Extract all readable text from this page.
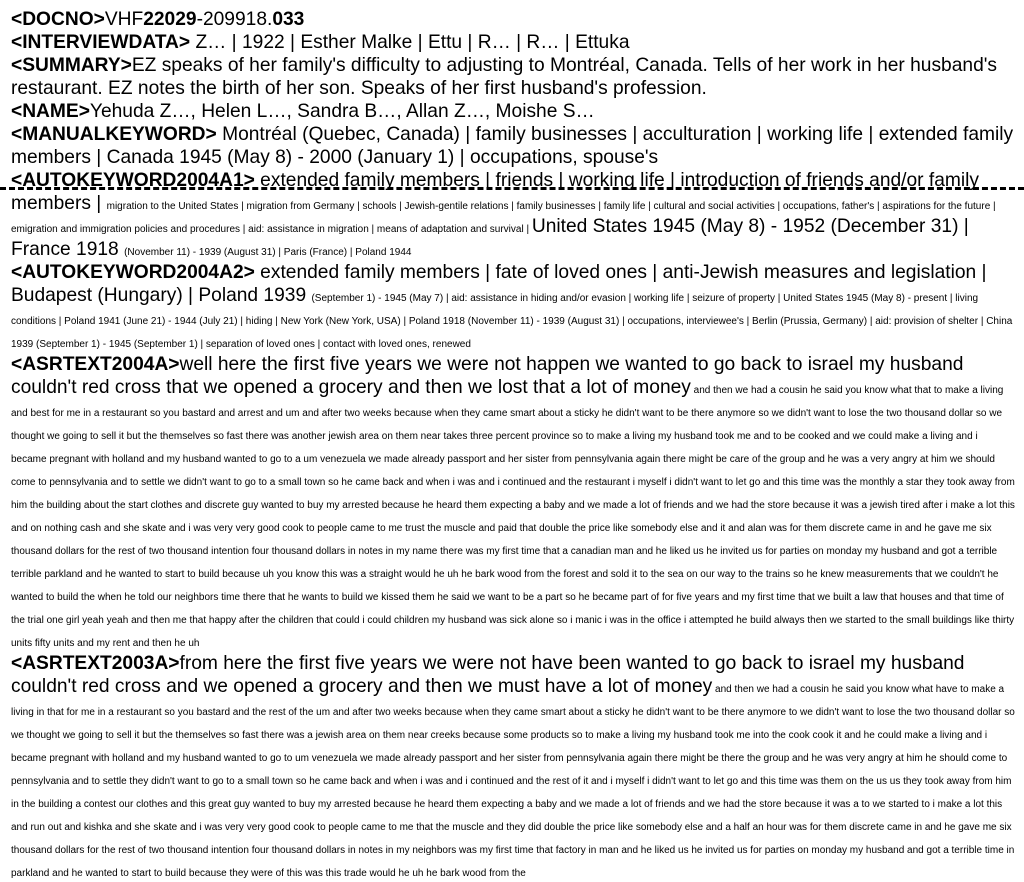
<DOCNO>VHF22029-209918.033
<INTERVIEWDATA> Z… | 1922 | Esther Malke | Ettu | R… | R… | Ettuka
<SUMMARY>EZ speaks of her family's difficulty to adjusting to Montréal, Canada. Tells of her work in her husband's restaurant. EZ notes the birth of her son. Speaks of her first husband's profession.
<NAME>Yehuda Z…, Helen L…, Sandra B…, Allan Z…, Moishe S…
<MANUALKEYWORD> Montréal (Quebec, Canada) | family businesses | acculturation | working life | extended family members | Canada 1945 (May 8) - 2000 (January 1) | occupations, spouse's
<AUTOKEYWORD2004A1> extended family members | friends | working life | introduction of friends and/or family members | migration to the United States | migration from Germany | schools | Jewish-gentile relations | family businesses | family life | cultural and social activities | occupations, father's | aspirations for the future | emigration and immigration policies and procedures | aid: assistance in migration | means of adaptation and survival | United States 1945 (May 8) - 1952 (December 31) | France 1918 (November 11) - 1939 (August 31) | Paris (France) | Poland 1944
<AUTOKEYWORD2004A2> extended family members | fate of loved ones | anti-Jewish measures and legislation | Budapest (Hungary) | Poland 1939 (September 1) - 1945 (May 7) | aid: assistance in hiding and/or evasion | working life | seizure of property | United States 1945 (May 8) - present | living conditions | Poland 1941 (June 21) - 1944 (July 21) | hiding | New York (New York, USA) | Poland 1918 (November 11) - 1939 (August 31) | occupations, interviewee's | Berlin (Prussia, Germany) | aid: provision of shelter | China 1939 (September 1) - 1945 (September 1) | separation of loved ones | contact with loved ones, renewed
<ASRTEXT2004A>well here the first five years we were not happen we wanted to go back to israel my husband couldn't red cross that we opened a grocery and then we lost that a lot of money and then we had a cousin he said you know what that to make a living and best for me in a restaurant so you bastard and arrest and um and after two weeks because when they came smart about a sticky he didn't want to be there anymore so we didn't want to lose the two thousand dollar so we thought we going to sell it but the themselves so fast there was another jewish area on them near takes three percent province so to make a living my husband took me and to be cooked and we could make a living and i became pregnant with holland and my husband wanted to go to a um venezuela we made already passport and her sister from pennsylvania again there might be care of the group and he was a very angry at him we should come to pennsylvania and to settle we didn't want to go to a small town so he came back and when i was and i continued and the restaurant i myself i didn't want to let go and this time was the monthly a star they took away from him the building about the start clothes and discrete guy wanted to buy my arrested because he heard them expecting a baby and we made a lot of friends and we had the store because it was a jewish tired after i make a lot this and on nothing cash and she skate and i was very very good cook to people came to me trust the muscle and paid that double the price like somebody else and it and alan was for them discrete came in and he gave me six thousand dollars for the rest of two thousand intention four thousand dollars in notes in my name there was my first time that a canadian man and he liked us he invited us for parties on monday my husband and got a terrible terrible parkland and he wanted to start to build because uh you know this was a straight would he uh he bark wood from the forest and sold it to the sea on our way to the trains so he knew measurements that we couldn't he wanted to build the when he told our neighbors time there that he wants to build we kissed them he said we want to be a part so he became part of for five years and my first time that we built a law that houses and that time of the trial one girl yeah yeah and then me that happy after the children that could i could children my husband was sick alone so i manic i was in the office i attempted he build always then we started to the small buildings like thirty units fifty units and my rent and then he uh
<ASRTEXT2003A>from here the first five years we were not have been wanted to go back to israel my husband couldn't red cross and we opened a grocery and then we must have a lot of money and then we had a cousin he said you know what have to make a living in that for me in a restaurant so you bastard and the rest of the um and after two weeks because when they came smart about a sticky he didn't want to be there anymore to we didn't want to lose the two thousand dollar so we thought we going to sell it but the themselves so fast there was a jewish area on them near creeks because some products so to make a living my husband took me into the cook cook it and he could make a living and i became pregnant with holland and my husband wanted to go to um venezuela we made already passport and her sister from pennsylvania again there might be there the group and he was very angry at him he should come to pennsylvania and to settle they didn't want to go to a small town so he came back and when i was and i continued and the rest of it and i myself i didn't want to let go and this time was them on the us us they took away from him in the building a contest our clothes and this great guy wanted to buy my arrested because he heard them expecting a baby and we made a lot of friends and we had the store because it was a to we started to i make a lot this and run out and kishka and she skate and i was very very good cook to people came to me that the muscle and they did double the price like somebody else and a half an hour was for them discrete came in and he gave me six thousand dollars for the rest of two thousand intention four thousand dollars in notes in my neighbors was my first time that factory in man and he liked us he invited us for parties on monday my husband and got a terrible time in parkland and he wanted to start to build because they were of this was this trade would he uh he bark wood from the
